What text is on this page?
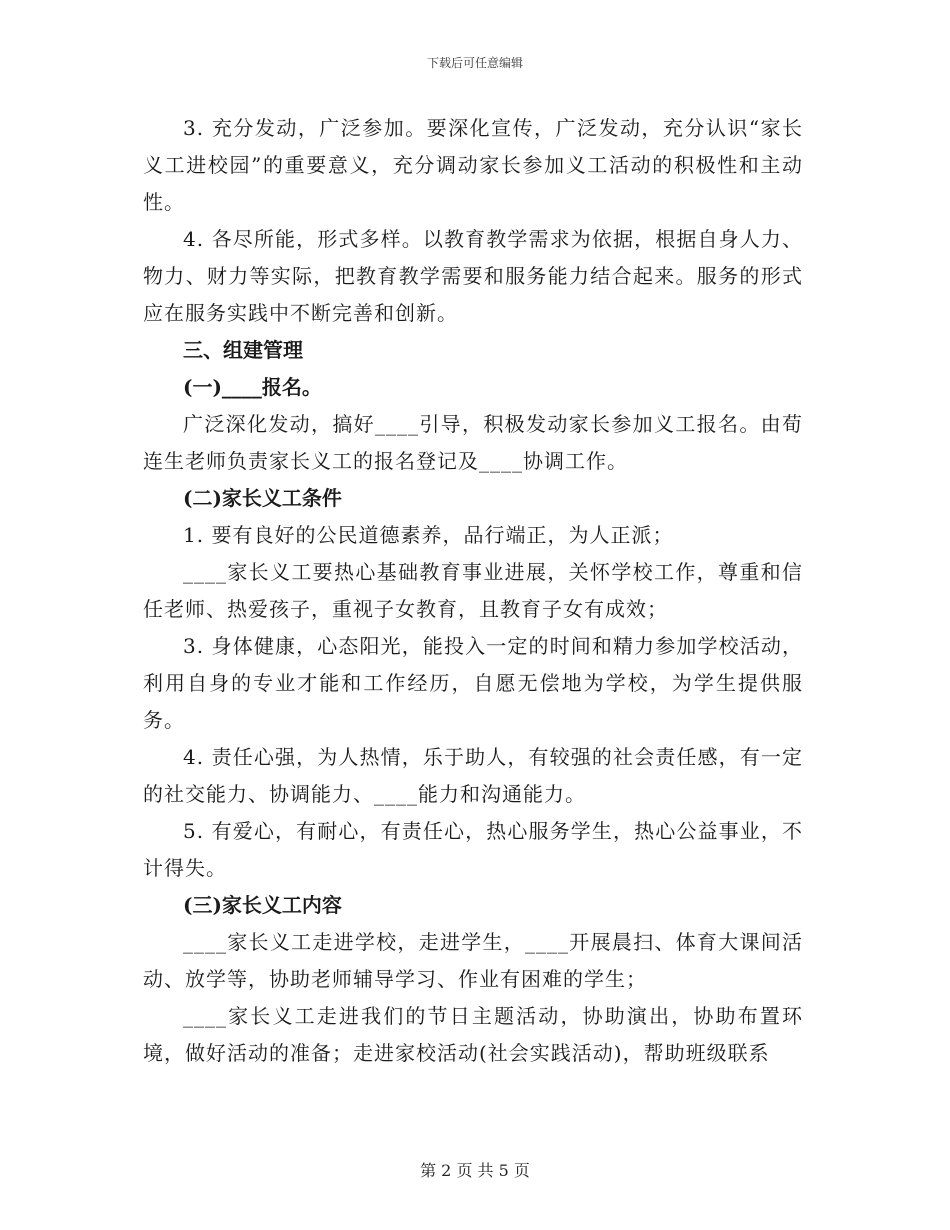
下载后可任意编辑

3. 充分发动，广泛参加。要深化宣传，广泛发动，充分认识“家长义工进校园”的重要意义，充分调动家长参加义工活动的积极性和主动性。

4. 各尽所能，形式多样。以教育教学需求为依据，根据自身人力、物力、财力等实际，把教育教学需要和服务能力结合起来。服务的形式应在服务实践中不断完善和创新。

三、组建管理

(一)____报名。

广泛深化发动，搞好____引导，积极发动家长参加义工报名。由荀连生老师负责家长义工的报名登记及____协调工作。

(二)家长义工条件

1. 要有良好的公民道德素养，品行端正，为人正派；

____家长义工要热心基础教育事业进展，关怀学校工作，尊重和信任老师、热爱孩子，重视子女教育，且教育子女有成效；

3. 身体健康，心态阳光，能投入一定的时间和精力参加学校活动，利用自身的专业才能和工作经历，自愿无偿地为学校，为学生提供服务。

4. 责任心强，为人热情，乐于助人，有较强的社会责任感，有一定的社交能力、协调能力、____能力和沟通能力。

5. 有爱心，有耐心，有责任心，热心服务学生，热心公益事业，不计得失。

(三)家长义工内容

____家长义工走进学校，走进学生，____开展晨扫、体育大课间活动、放学等，协助老师辅导学习、作业有困难的学生；

____家长义工走进我们的节日主题活动，协助演出，协助布置环境，做好活动的准备；走进家校活动(社会实践活动)，帮助班级联系

第 2 页 共 5 页
